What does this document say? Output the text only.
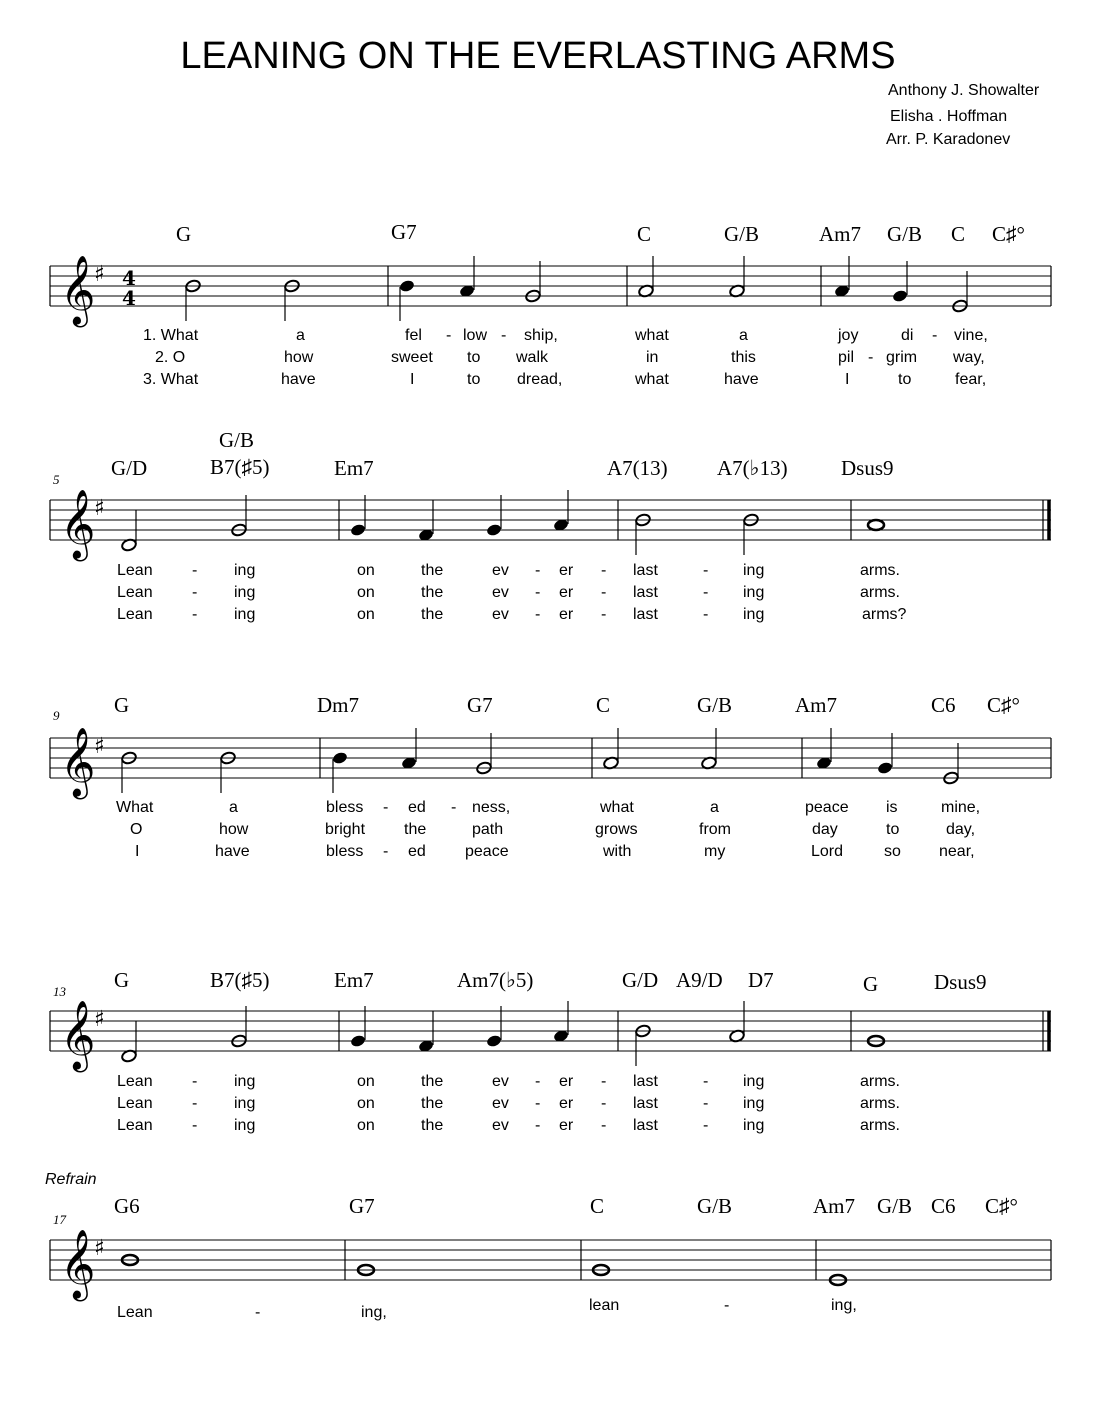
LEANING ON THE EVERLASTING ARMS
Anthony J. Showalter
Elisha . Hoffman
Arr. P. Karadonev
G	G7	C	G/B	Am7 G/B C C♯°
𝄞
♯ 4
4
1. What	a	fel - low - ship,	what	a	joy	di - vine,
2. O	how	sweet to walk	in	this	pil - grim way,
3. What	have	I	to dread,	what	have	I	to	fear,
5
G/B
G/D	B7(♯5)	Em7	A7(13) A7(♭13)	Dsus9
𝄞
♯
Lean - ing	on	the	ev - er - last	- ing	arms.
Lean - ing	on	the	ev - er - last	- ing	arms.
Lean - ing	on	the	ev - er - last	- ing	arms?
9	G	Dm7	G7	C	G/B	Am7	C6 C♯°
𝄞
♯
What	a	bless - ed - ness,	what	a	peace is	mine,
O	how	bright the	path	grows	from	day	to	day,
I	have	bless - ed peace	with	my	Lord	so near,
13 G	B7(♯5)	Em7	Am7(♭5)	G/D A9/D D7	G	Dsus9
𝄞
♯
Lean - ing	on	the	ev - er - last	- ing	arms.
Lean - ing	on	the	ev - er - last	- ing	arms.
Lean - ing	on	the	ev - er - last	- ing	arms.
Refrain
17
G6	G7	C	G/B	Am7 G/B C6 C♯°
𝄞
♯
Lean	-	ing,	lean	-	ing,
